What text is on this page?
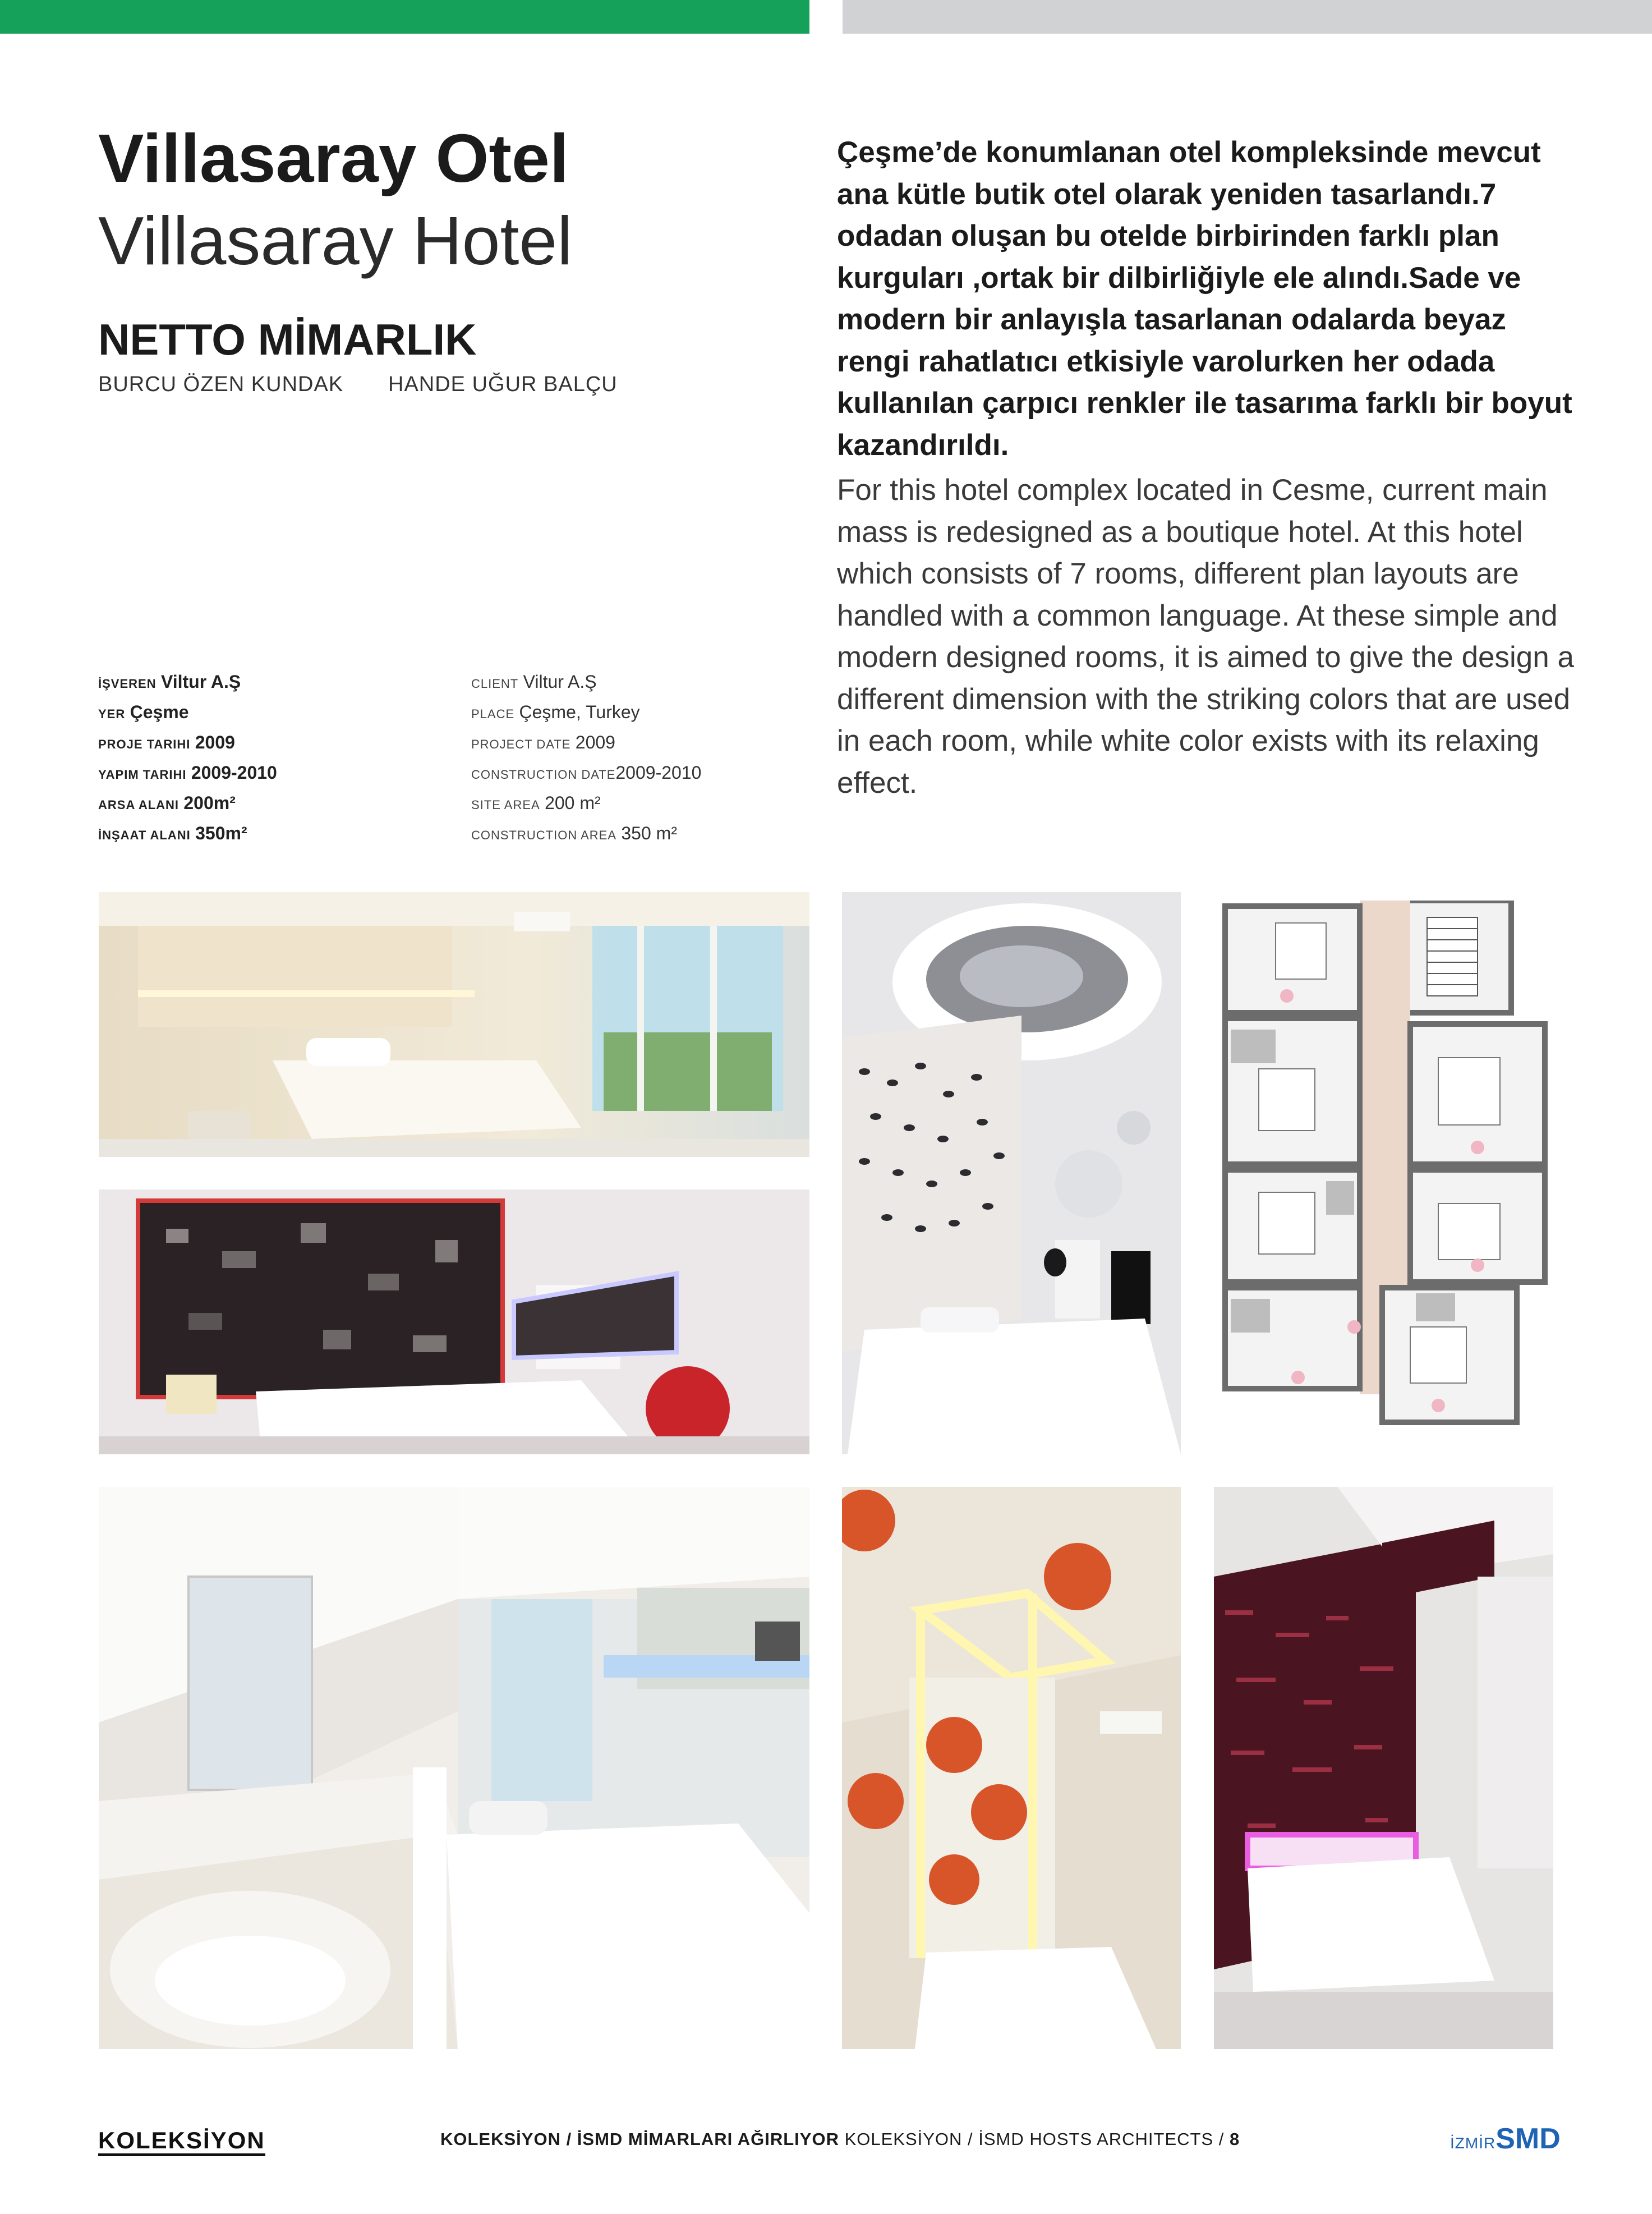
Villasaray Otel
Villasaray Hotel
NETTO MİMARLIK
BURCU ÖZEN KUNDAK HANDE UĞUR BALÇU
İŞVEREN Viltur A.Ş
YER Çeşme
PROJE TARIHI 2009
YAPIM TARIHI 2009-2010
ARSA ALANI 200m²
İNŞAAT ALANI 350m²
CLIENT Viltur A.Ş
PLACE Çeşme, Turkey
PROJECT DATE 2009
CONSTRUCTION DATE2009-2010
SITE AREA 200 m²
CONSTRUCTION AREA 350 m²
Çeşme’de konumlanan otel kompleksinde mevcut ana kütle butik otel olarak yeniden tasarlandı.7 odadan oluşan bu otelde birbirinden farklı plan kurguları ,ortak bir dilbirliğiyle ele alındı.Sade ve modern bir anlayışla tasarlanan odalarda beyaz rengi rahatlatıcı etkisiyle varolurken her odada kullanılan çarpıcı renkler ile tasarıma farklı bir boyut kazandırıldı.
For this hotel complex located in Cesme, current main mass is redesigned as a boutique hotel. At this hotel which consists of 7 rooms, different plan layouts are handled with a common language. At these simple and modern designed rooms, it is aimed to give the design a different dimension with the striking colors that are used in each room, while white color exists with its relaxing effect.
KOLEKSİYON	KOLEKSİYON / İSMD MİMARLARI AĞIRLIYOR KOLEKSİYON / İSMD HOSTS ARCHITECTS / 8	İZMİRSMD
